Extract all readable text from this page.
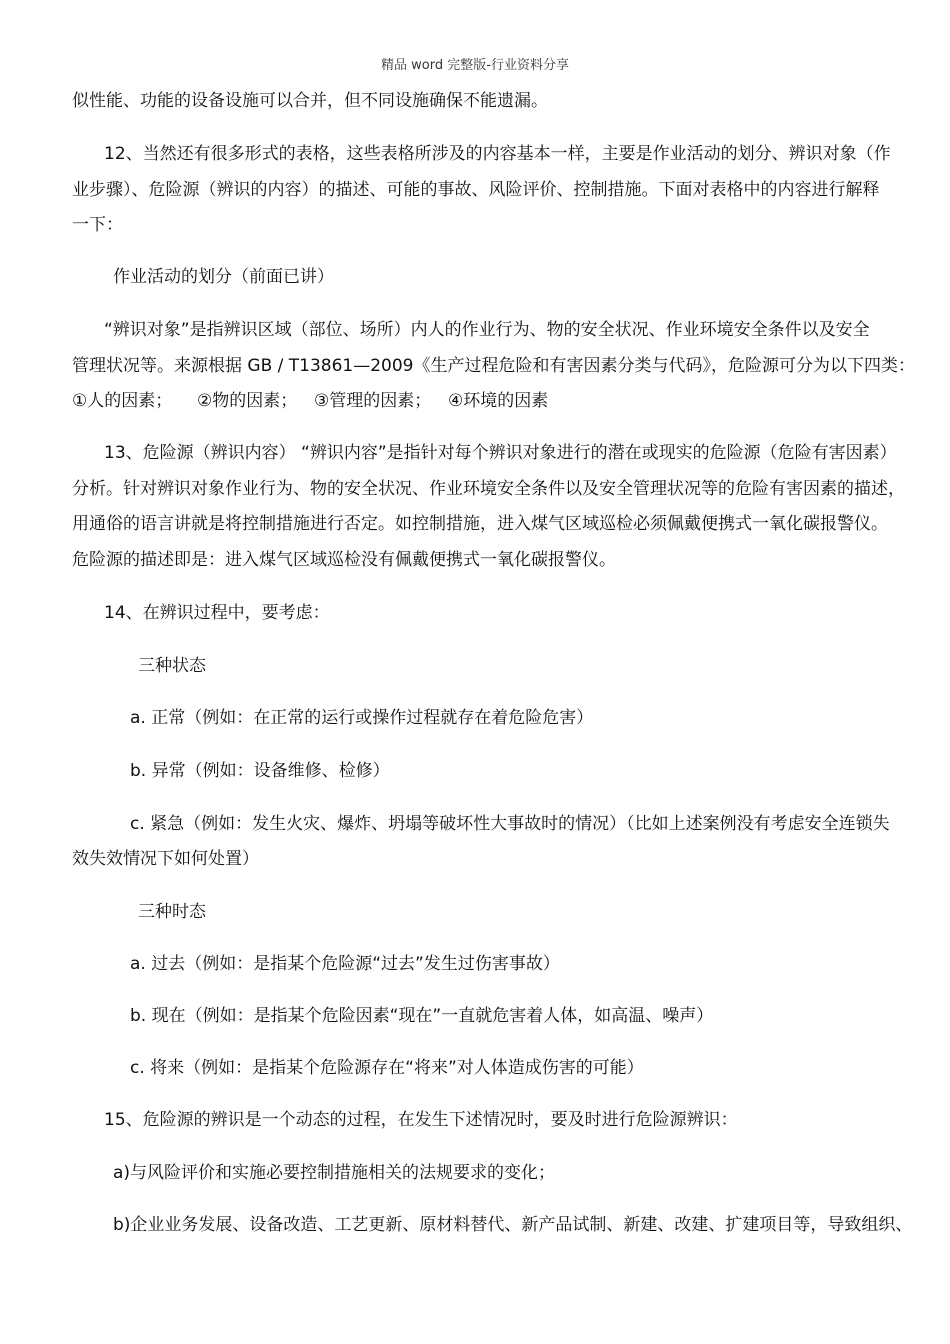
精品 word 完整版-行业资料分享
似性能、功能的设备设施可以合并，但不同设施确保不能遗漏。
12、当然还有很多形式的表格，这些表格所涉及的内容基本一样，主要是作业活动的划分、辨识对象（作
业步骤）、危险源（辨识的内容）的描述、可能的事故、风险评价、控制措施。下面对表格中的内容进行解释
一下：
作业活动的划分（前面已讲）
“辨识对象”是指辨识区域（部位、场所）内人的作业行为、物的安全状况、作业环境安全条件以及安全
管理状况等。来源根据 GB / T13861—2009《生产过程危险和有害因素分类与代码》，危险源可分为以下四类：
①人的因素； ②物的因素； ③管理的因素； ④环境的因素
13、危险源（辨识内容） “辨识内容”是指针对每个辨识对象进行的潜在或现实的危险源（危险有害因素）
分析。针对辨识对象作业行为、物的安全状况、作业环境安全条件以及安全管理状况等的危险有害因素的描述，
用通俗的语言讲就是将控制措施进行否定。如控制措施，进入煤气区域巡检必须佩戴便携式一氧化碳报警仪。
危险源的描述即是：进入煤气区域巡检没有佩戴便携式一氧化碳报警仪。
14、在辨识过程中，要考虑：
三种状态
a. 正常（例如：在正常的运行或操作过程就存在着危险危害）
b. 异常（例如：设备维修、检修）
c. 紧急（例如：发生火灾、爆炸、坍塌等破坏性大事故时的情况）（比如上述案例没有考虑安全连锁失
效失效情况下如何处置）
三种时态
a. 过去（例如：是指某个危险源“过去”发生过伤害事故）
b. 现在（例如：是指某个危险因素“现在”一直就危害着人体，如高温、噪声）
c. 将来（例如：是指某个危险源存在“将来”对人体造成伤害的可能）
15、危险源的辨识是一个动态的过程，在发生下述情况时，要及时进行危险源辨识：
a)与风险评价和实施必要控制措施相关的法规要求的变化；
b)企业业务发展、设备改造、工艺更新、原材料替代、新产品试制、新建、改建、扩建项目等，导致组织、
